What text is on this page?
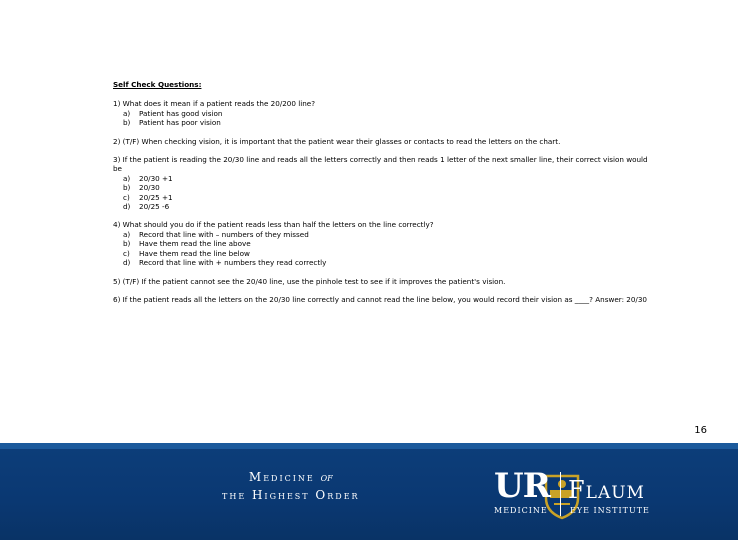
Self Check Questions:
1) What does it mean if a patient reads the 20/200 line?
a) Patient has good vision
b) Patient has poor vision
2) (T/F) When checking vision, it is important that the patient wear their glasses or contacts to read the letters on the chart.
3) If the patient is reading the 20/30 line and reads all the letters correctly and then reads 1 letter of the next smaller line, their correct vision would be
a) 20/30 +1
b) 20/30
c) 20/25 +1
d) 20/25 -6
4) What should you do if the patient reads less than half the letters on the line correctly?
a) Record that line with – numbers of they missed
b) Have them read the line above
c) Have them read the line below
d) Record that line with + numbers they read correctly
5) (T/F) If the patient cannot see the 20/40 line, use the pinhole test to see if it improves the patient's vision.
6) If the patient reads all the letters on the 20/30 line correctly and cannot read the line below, you would record their vision as ____? Answer: 20/30
16
Medicine of
the Highest Order	UR
MEDICINE
Flaum
EYE INSTITUTE
